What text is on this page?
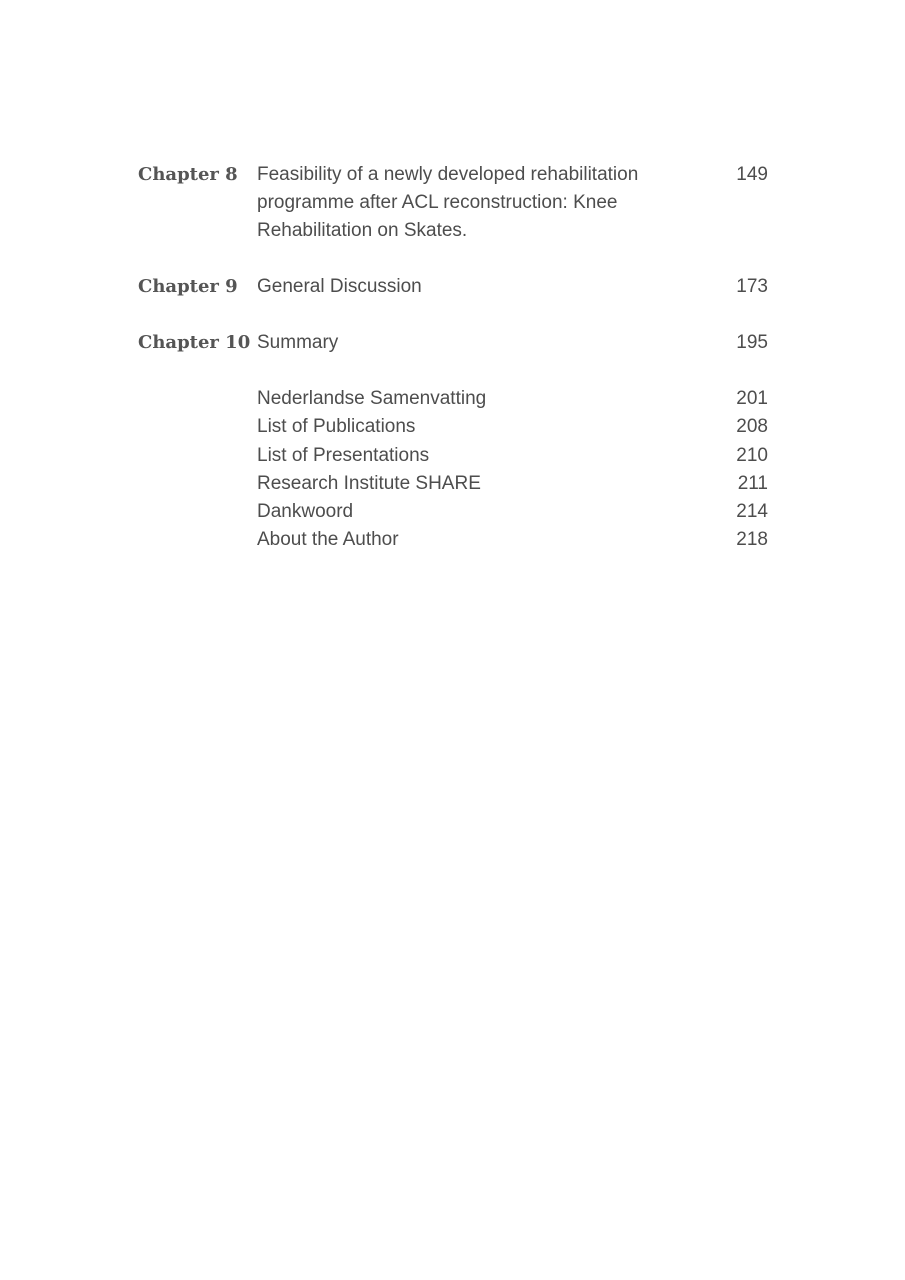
Chapter 8	Feasibility of a newly developed rehabilitation
programme after ACL reconstruction: Knee
Rehabilitation on Skates.
149
Chapter 9	General Discussion	173
Chapter 10 Summary	195
Nederlandse Samenvatting	201
List of Publications	208
List of Presentations	210
Research Institute SHARE	211
Dankwoord	214
About the Author	218
